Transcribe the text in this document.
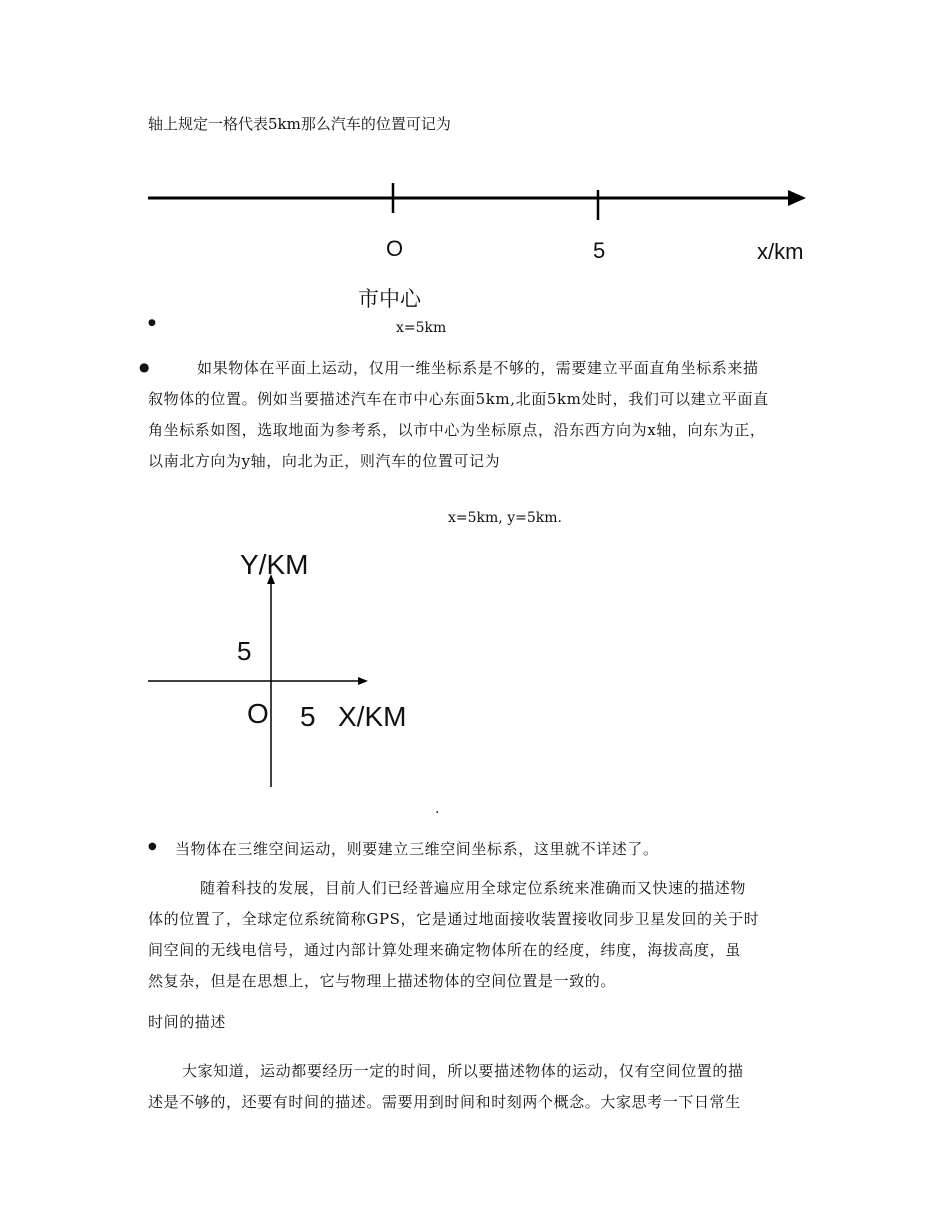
轴上规定一格代表5km那么汽车的位置可记为
O	5	x/km
市中心
●	x=5km
●	如果物体在平面上运动，仅用一维坐标系是不够的，需要建立平面直角坐标系来描
叙物体的位置。例如当要描述汽车在市中心东面5km,北面5km处时，我们可以建立平面直
角坐标系如图，选取地面为参考系，以市中心为坐标原点，沿东西方向为x轴，向东为正，
以南北方向为y轴，向北为正，则汽车的位置可记为
x=5km, y=5km.
Y/KM
5
O 5 X/KM
.
● 当物体在三维空间运动，则要建立三维空间坐标系，这里就不详述了。
随着科技的发展，目前人们已经普遍应用全球定位系统来准确而又快速的描述物
体的位置了，全球定位系统简称GPS，它是通过地面接收装置接收同步卫星发回的关于时
间空间的无线电信号，通过内部计算处理来确定物体所在的经度，纬度，海拔高度，虽
然复杂，但是在思想上，它与物理上描述物体的空间位置是一致的。
时间的描述
大家知道，运动都要经历一定的时间，所以要描述物体的运动，仅有空间位置的描
述是不够的，还要有时间的描述。需要用到时间和时刻两个概念。大家思考一下日常生
